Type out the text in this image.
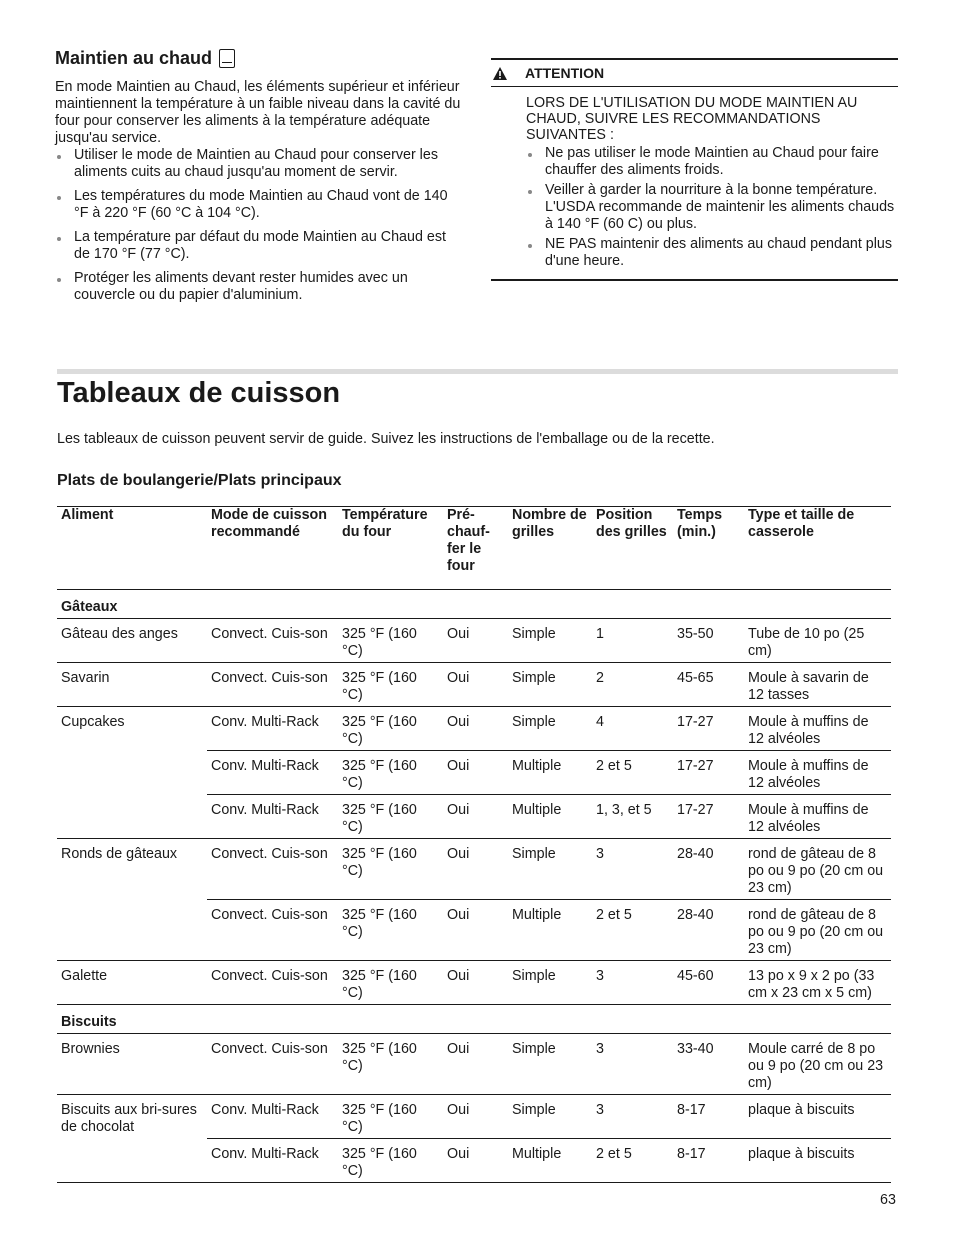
Maintien au chaud
En mode Maintien au Chaud, les éléments supérieur et inférieur maintiennent la température à un faible niveau dans la cavité du four pour conserver les aliments à la température adéquate jusqu'au service.
Utiliser le mode de Maintien au Chaud pour conserver les aliments cuits au chaud jusqu'au moment de servir.
Les températures du mode Maintien au Chaud vont de 140 °F à 220 °F (60 °C à 104 °C).
La température par défaut du mode Maintien au Chaud est de 170 °F (77 °C).
Protéger les aliments devant rester humides avec un couvercle ou du papier d'aluminium.
ATTENTION
LORS DE L'UTILISATION DU MODE MAINTIEN AU CHAUD, SUIVRE LES RECOMMANDATIONS SUIVANTES :
Ne pas utiliser le mode Maintien au Chaud pour faire chauffer des aliments froids.
Veiller à garder la nourriture à la bonne température. L'USDA recommande de maintenir les aliments chauds à 140 °F (60 C) ou plus.
NE PAS maintenir des aliments au chaud pendant plus d'une heure.
Tableaux de cuisson
Les tableaux de cuisson peuvent servir de guide. Suivez les instructions de l'emballage ou de la recette.
Plats de boulangerie/Plats principaux
Aliment	Mode de cuisson recommandé	Température du four	Pré-chauf-fer le four	Nombre de grilles	Position des grilles	Temps (min.)	Type et taille de casserole
Gâteaux							
Gâteau des anges	Convect. Cuis-son	325 °F (160 °C)	Oui	Simple	1	35-50	Tube de 10 po (25 cm)
Savarin	Convect. Cuis-son	325 °F (160 °C)	Oui	Simple	2	45-65	Moule à savarin de 12 tasses
Cupcakes	Conv. Multi-Rack	325 °F (160 °C)	Oui	Simple	4	17-27	Moule à muffins de 12 alvéoles
	Conv. Multi-Rack	325 °F (160 °C)	Oui	Multiple	2 et 5	17-27	Moule à muffins de 12 alvéoles
	Conv. Multi-Rack	325 °F (160 °C)	Oui	Multiple	1, 3, et 5	17-27	Moule à muffins de 12 alvéoles
Ronds de gâteaux	Convect. Cuis-son	325 °F (160 °C)	Oui	Simple	3	28-40	rond de gâteau de 8 po ou 9 po (20 cm ou 23 cm)
	Convect. Cuis-son	325 °F (160 °C)	Oui	Multiple	2 et 5	28-40	rond de gâteau de 8 po ou 9 po (20 cm ou 23 cm)
Galette	Convect. Cuis-son	325 °F (160 °C)	Oui	Simple	3	45-60	13 po x 9 x 2 po (33 cm x 23 cm x 5 cm)
Biscuits							
Brownies	Convect. Cuis-son	325 °F (160 °C)	Oui	Simple	3	33-40	Moule carré de 8 po ou 9 po (20 cm ou 23 cm)
Biscuits aux bri-sures de chocolat	Conv. Multi-Rack	325 °F (160 °C)	Oui	Simple	3	8-17	plaque à biscuits
	Conv. Multi-Rack	325 °F (160 °C)	Oui	Multiple	2 et 5	8-17	plaque à biscuits
63
